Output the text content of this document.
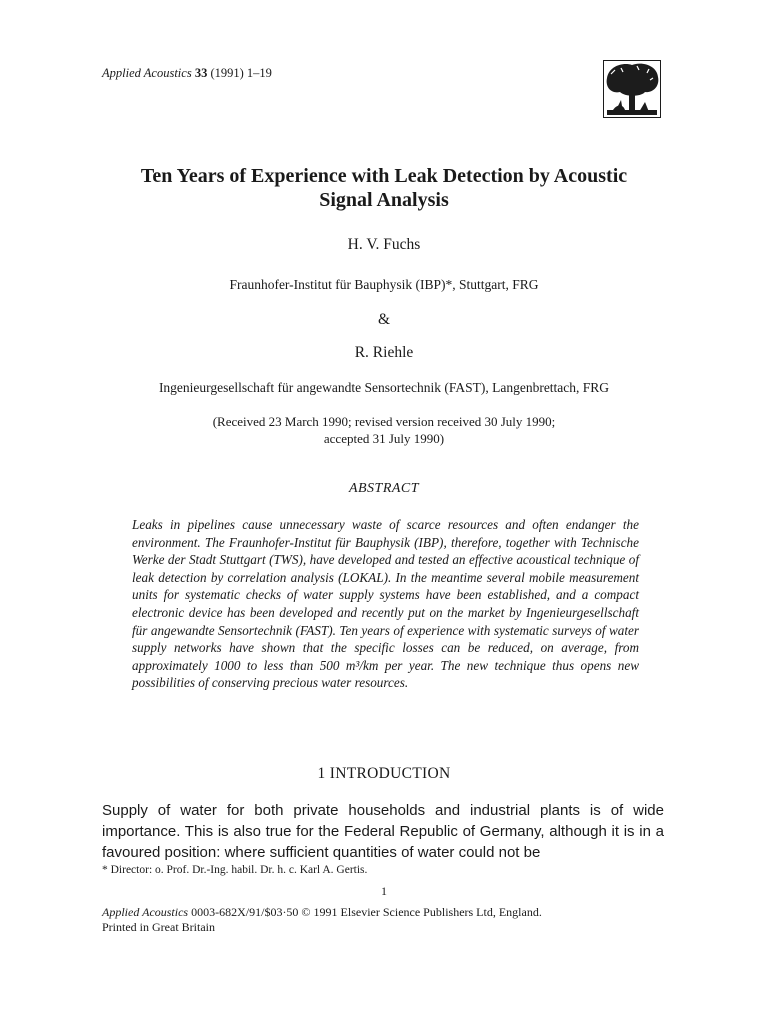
Applied Acoustics 33 (1991) 1–19
Ten Years of Experience with Leak Detection by Acoustic
Signal Analysis
H. V. Fuchs
Fraunhofer-Institut für Bauphysik (IBP)*, Stuttgart, FRG
&
R. Riehle
Ingenieurgesellschaft für angewandte Sensortechnik (FAST), Langenbrettach, FRG
(Received 23 March 1990; revised version received 30 July 1990;
accepted 31 July 1990)
ABSTRACT
Leaks in pipelines cause unnecessary waste of scarce resources and often endanger the environment. The Fraunhofer-Institut für Bauphysik (IBP), therefore, together with Technische Werke der Stadt Stuttgart (TWS), have developed and tested an effective acoustical technique of leak detection by correlation analysis (LOKAL). In the meantime several mobile measurement units for systematic checks of water supply systems have been established, and a compact electronic device has been developed and recently put on the market by Ingenieurgesellschaft für angewandte Sensortechnik (FAST). Ten years of experience with systematic surveys of water supply networks have shown that the specific losses can be reduced, on average, from approximately 1000 to less than 500 m³/km per year. The new technique thus opens new possibilities of conserving precious water resources.
1 INTRODUCTION
Supply of water for both private households and industrial plants is of wide importance. This is also true for the Federal Republic of Germany, although it is in a favoured position: where sufficient quantities of water could not be
* Director: o. Prof. Dr.-Ing. habil. Dr. h. c. Karl A. Gertis.
1
Applied Acoustics 0003-682X/91/$03·50 © 1991 Elsevier Science Publishers Ltd, England.
Printed in Great Britain
